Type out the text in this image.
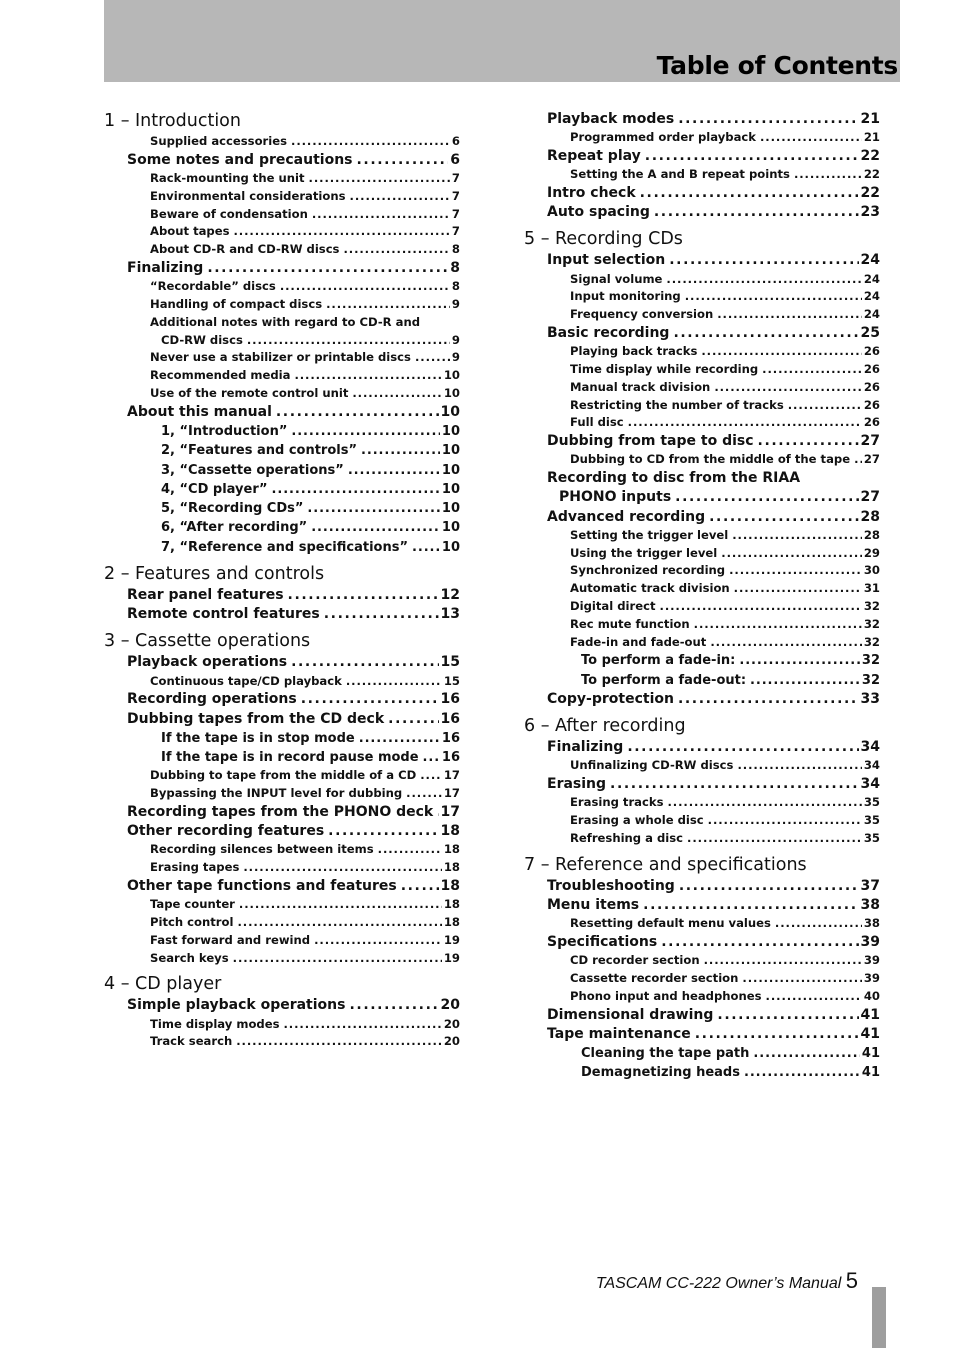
Table of Contents
1 – Introduction
Supplied accessories .....	6
Some notes and precautions .....	6
Rack-mounting the unit .....	7
Environmental considerations .....	7
Beware of condensation .....	7
About tapes .....	7
About CD-R and CD-RW discs .....	8
Finalizing .....	8
“Recordable” discs .....	8
Handling of compact discs .....	9
Additional notes with regard to CD-R and
CD-RW discs .....	9
Never use a stabilizer or printable discs .....	9
Recommended media .....	10
Use of the remote control unit .....	10
About this manual .....	10
1, “Introduction” .....	10
2, “Features and controls” .....	10
3, “Cassette operations” .....	10
4, “CD player” .....	10
5, “Recording CDs” .....	10
6, “After recording” .....	10
7, “Reference and specifications” .....	10
2 – Features and controls
Rear panel features .....	12
Remote control features .....	13
3 – Cassette operations
Playback operations .....	15
Continuous tape/CD playback .....	15
Recording operations .....	16
Dubbing tapes from the CD deck .....	16
If the tape is in stop mode .....	16
If the tape is in record pause mode ..... 16
Dubbing to tape from the middle of a CD ..... 17
Bypassing the INPUT level for dubbing .....	17
Recording tapes from the PHONO deck ..... 17
Other recording features .....	18
Recording silences between items .....	18
Erasing tapes .....	18
Other tape functions and features .....	18
Tape counter .....	18
Pitch control .....	18
Fast forward and rewind .....	19
Search keys .....	19
4 – CD player
Simple playback operations .....	20
Time display modes .....	20
Track search .....	20
Playback modes .....	21
Programmed order playback .....	21
Repeat play .....	22
Setting the A and B repeat points .....	22
Intro check .....	22
Auto spacing .....	23
5 – Recording CDs
Input selection .....	24
Signal volume .....	24
Input monitoring .....	24
Frequency conversion .....	24
Basic recording .....	25
Playing back tracks .....	26
Time display while recording .....	26
Manual track division .....	26
Restricting the number of tracks .....	26
Full disc .....	26
Dubbing from tape to disc .....	27
Dubbing to CD from the middle of the tape ..... 27
Recording to disc from the RIAA
PHONO inputs .....	27
Advanced recording .....	28
Setting the trigger level .....	28
Using the trigger level .....	29
Synchronized recording .....	30
Automatic track division .....	31
Digital direct .....	32
Rec mute function .....	32
Fade-in and fade-out .....	32
To perform a fade-in: .....	32
To perform a fade-out: .....	32
Copy-protection .....	33
6 – After recording
Finalizing .....	34
Unfinalizing CD-RW discs .....	34
Erasing .....	34
Erasing tracks .....	35
Erasing a whole disc .....	35
Refreshing a disc .....	35
7 – Reference and specifications
Troubleshooting .....	37
Menu items .....	38
Resetting default menu values .....	38
Specifications .....	39
CD recorder section .....	39
Cassette recorder section .....	39
Phono input and headphones .....	40
Dimensional drawing .....	41
Tape maintenance .....	41
Cleaning the tape path .....	41
Demagnetizing heads .....	41
TASCAM CC-222 Owner’s Manual 5
